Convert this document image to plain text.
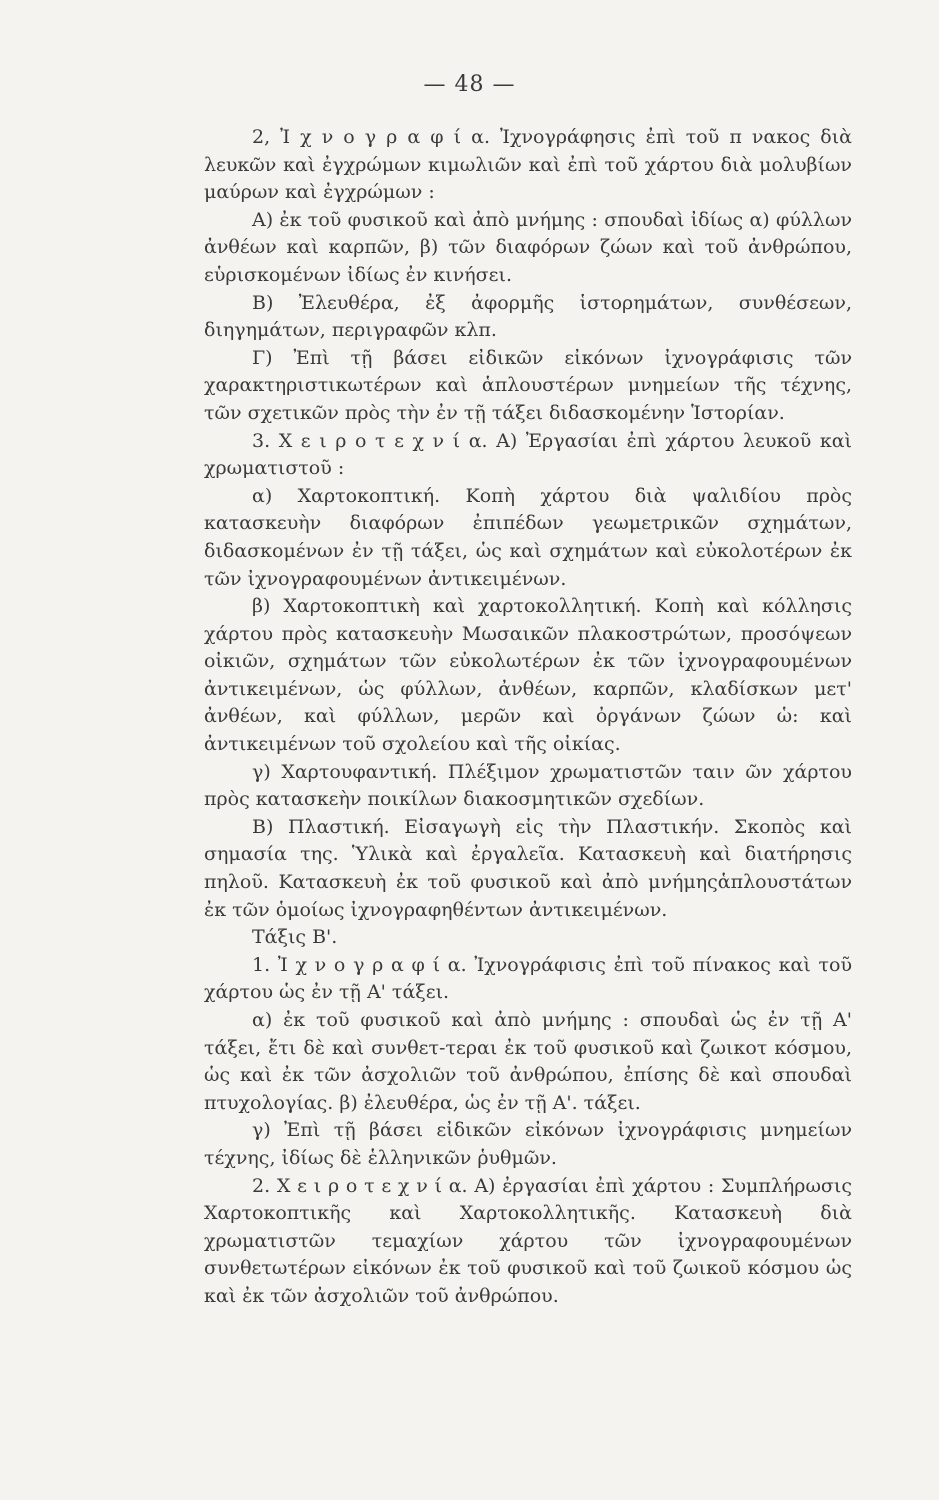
— 48 —

2, Ἰ χ ν ο γ ρ α φ ί α. Ἰχνογράφησις ἐπὶ τοῦ π νακος διὰ λευκῶν καὶ ἐγχρώμων κιμωλιῶν καὶ ἐπὶ τοῦ χάρτου διὰ μολυβίων μαύρων καὶ ἐγχρώμων :

Α) ἐκ τοῦ φυσικοῦ καὶ ἀπὸ μνήμης : σπουδαὶ ἰδίως α) φύλλων ἀνθέων καὶ καρπῶν, β) τῶν διαφόρων ζώων καὶ τοῦ ἀνθρώπου, εὑρισκομένων ἰδίως ἐν κινήσει.

Β) Ἐλευθέρα, ἐξ ἀφορμῆς ἱστορημάτων, συνθέσεων, διηγημάτων, περιγραφῶν κλπ.

Γ) Ἐπὶ τῇ βάσει εἰδικῶν εἰκόνων ἰχνογράφισις τῶν χαρακτηριστικωτέρων καὶ ἁπλουστέρων μνημείων τῆς τέχνης, τῶν σχετικῶν πρὸς τὴν ἐν τῇ τάξει διδασκομένην Ἱστορίαν.

3. Χ ε ι ρ ο τ ε χ ν ί α. Α) Ἐργασίαι ἐπὶ χάρτου λευκοῦ καὶ χρωματιστοῦ :

α) Χαρτοκοπτική. Κοπὴ χάρτου διὰ ψαλιδίου πρὸς κατασκευὴν διαφόρων ἐπιπέδων γεωμετρικῶν σχημάτων, διδασκομένων ἐν τῇ τάξει, ὡς καὶ σχημάτων καὶ εὐκολοτέρων ἐκ τῶν ἰχνογραφουμένων ἀντικειμένων.

β) Χαρτοκοπτικὴ καὶ χαρτοκολλητική. Κοπὴ καὶ κόλλησις χάρτου πρὸς κατασκευὴν Μωσαικῶν πλακοστρώτων, προσόψεων οἰκιῶν, σχημάτων τῶν εὐκολωτέρων ἐκ τῶν ἰχνογραφουμένων ἀντικειμένων, ὡς φύλλων, ἀνθέων, καρπῶν, κλαδίσκων μετ' ἀνθέων, καὶ φύλλων, μερῶν καὶ ὀργάνων ζώων ὡ: καὶ ἀντικειμένων τοῦ σχολείου καὶ τῆς οἰκίας.

γ) Χαρτουφαντική. Πλέξιμον χρωματιστῶν ταιν ῶν χάρτου πρὸς κατασκεὴν ποικίλων διακοσμητικῶν σχεδίων.

Β) Πλαστική. Εἰσαγωγὴ εἰς τὴν Πλαστικήν. Σκοπὸς καὶ σημασία της. Ὑλικὰ καὶ ἐργαλεῖα. Κατασκευὴ καὶ διατήρησις πηλοῦ. Κατασκευὴ ἐκ τοῦ φυσικοῦ καὶ ἀπὸ μνήμηςἁπλουστάτων ἐκ τῶν ὁμοίως ἰχνογραφηθέντων ἀντικειμένων.

Τάξις Β'.

1. Ἰ χ ν ο γ ρ α φ ί α. Ἰχνογράφισις ἐπὶ τοῦ πίνακος καὶ τοῦ χάρτου ὡς ἐν τῇ Α' τάξει.

α) ἐκ τοῦ φυσικοῦ καὶ ἀπὸ μνήμης : σπουδαὶ ὡς ἐν τῇ Α' τάξει, ἔτι δὲ καὶ συνθετ-τεραι ἐκ τοῦ φυσικοῦ καὶ ζωικοτ κόσμου, ὡς καὶ ἐκ τῶν ἀσχολιῶν τοῦ ἀνθρώπου, ἐπίσης δὲ καὶ σπουδαὶ πτυχολογίας. β) ἐλευθέρα, ὡς ἐν τῇ Α'. τάξει.

γ) Ἐπὶ τῇ βάσει εἰδικῶν εἰκόνων ἰχνογράφισις μνημείων τέχνης, ἰδίως δὲ ἑλληνικῶν ῥυθμῶν.

2. Χ ε ι ρ ο τ ε χ ν ί α. Α) ἐργασίαι ἐπὶ χάρτου : Συμπλήρωσις Χαρτοκοπτικῆς καὶ Χαρτοκολλητικῆς. Κατασκευὴ διὰ χρωματιστῶν τεμαχίων χάρτου τῶν ἰχνογραφουμένων συνθετωτέρων εἰκόνων ἐκ τοῦ φυσικοῦ καὶ τοῦ ζωικοῦ κόσμου ὡς καὶ ἐκ τῶν ἀσχολιῶν τοῦ ἀνθρώπου.
